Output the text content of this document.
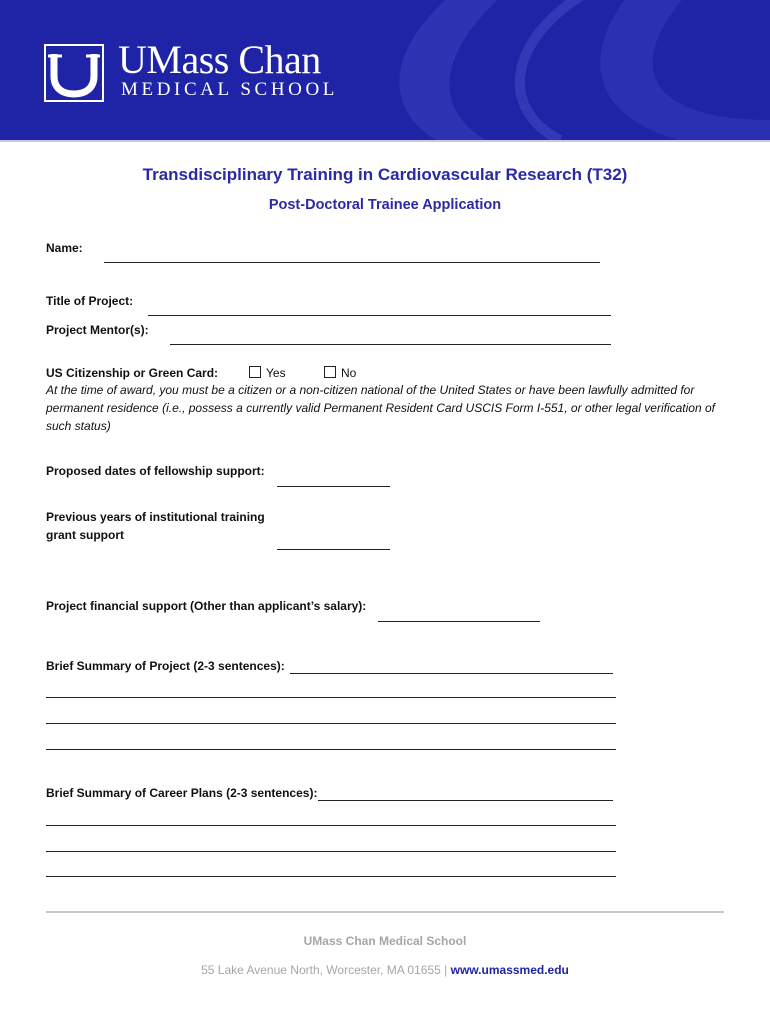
UMass Chan
MEDICAL SCHOOL
Transdisciplinary Training in Cardiovascular Research (T32)
Post-Doctoral Trainee Application
Name:
Title of Project:
Project Mentor(s):
US Citizenship or Green Card:	Yes	No
At the time of award, you must be a citizen or a non-citizen national of the United States or have been lawfully admitted for permanent residence (i.e., possess a currently valid Permanent Resident Card USCIS Form I-551, or other legal verification of such status)
Proposed dates of fellowship support:
Previous years of institutional training
grant support
Project financial support (Other than applicant’s salary):
Brief Summary of Project (2-3 sentences):
Brief Summary of Career Plans (2-3 sentences):
UMass Chan Medical School
55 Lake Avenue North, Worcester, MA 01655 | www.umassmed.edu
